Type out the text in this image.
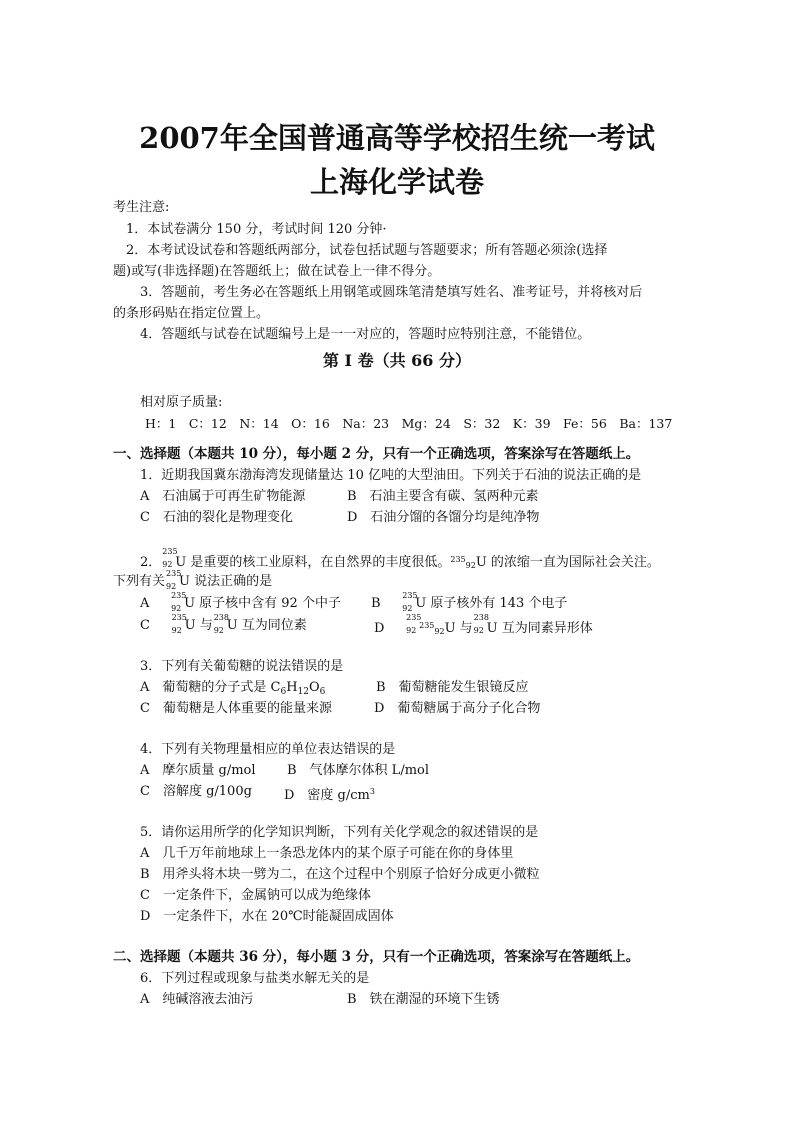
2007年全国普通高等学校招生统一考试
上海化学试卷
考生注意:
1．本试卷满分 150 分，考试时间 120 分钟·
2．本考试设试卷和答题纸两部分，试卷包括试题与答题要求；所有答题必须涂(选择
题)或写(非选择题)在答题纸上；做在试卷上一律不得分。
3．答题前，考生务必在答题纸上用钢笔或圆珠笔清楚填写姓名、准考证号，并将核对后
的条形码贴在指定位置上。
4．答题纸与试卷在试题编号上是一一对应的，答题时应特别注意，不能错位。
第 I 卷（共 66 分）
相对原子质量:
H：1　C：12　N：14　O：16　Na：23　Mg：24　S：32　K：39　Fe：56　Ba：137
一、选择题（本题共 10 分），每小题 2 分，只有一个正确选项，答案涂写在答题纸上。
1．近期我国冀东渤海湾发现储量达 10 亿吨的大型油田。下列关于石油的说法正确的是
A　石油属于可再生矿物能源	B　石油主要含有碳、氢两种元素
C　石油的裂化是物理变化	D　石油分馏的各馏分均是纯净物
2．
235
92 U 是重要的核工业原料，在自然界的丰度很低。$^{235}$92U 的浓缩一直为国际社会关注。
下列有关
235
92 U 说法正确的是
A
235
92 U 原子核中含有 92 个中子 B
235
92 U 原子核外有 143 个电子
C
235
92 U 与
238
92 U 互为同位素	D
235
92
$^{235}$92U 与
238
92 U 互为同素异形体
3．下列有关葡萄糖的说法错误的是
A　葡萄糖的分子式是 $C_6H_{12}O_6$	B　葡萄糖能发生银镜反应
C　葡萄糖是人体重要的能量来源	D　葡萄糖属于高分子化合物
4．下列有关物理量相应的单位表达错误的是
A　摩尔质量 g/mol B　气体摩尔体积 L/mol
C　溶解度 g/100g D　密度 $g/cm^3$
5．请你运用所学的化学知识判断，下列有关化学观念的叙述错误的是
A　几千万年前地球上一条恐龙体内的某个原子可能在你的身体里
B　用斧头将木块一劈为二，在这个过程中个别原子恰好分成更小微粒
C　一定条件下，金属钠可以成为绝缘体
D　一定条件下，水在 20℃时能凝固成固体
二、选择题（本题共 36 分），每小题 3 分，只有一个正确选项，答案涂写在答题纸上。
6．下列过程或现象与盐类水解无关的是
A　纯碱溶液去油污	B　铁在潮湿的环境下生锈
